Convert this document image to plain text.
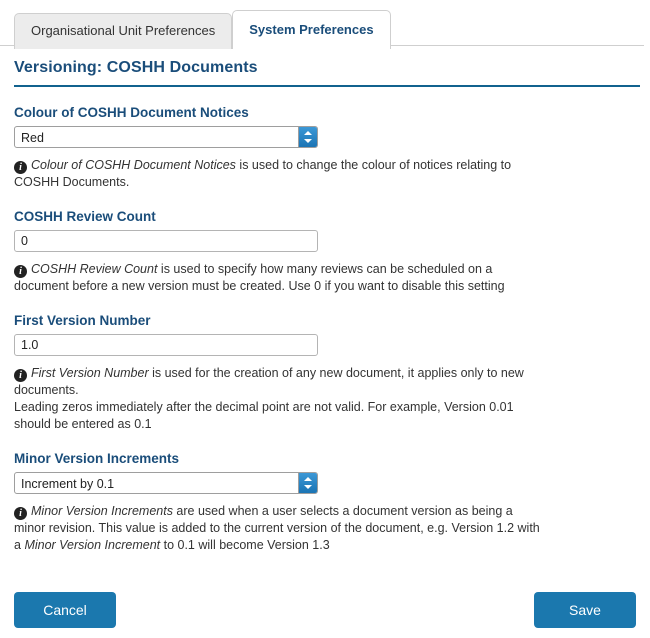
Organisational Unit Preferences	System Preferences
Versioning: COSHH Documents
Colour of COSHH Document Notices
Red
i Colour of COSHH Document Notices is used to change the colour of notices relating to COSHH Documents.
COSHH Review Count
0
i COSHH Review Count is used to specify how many reviews can be scheduled on a document before a new version must be created. Use 0 if you want to disable this setting
First Version Number
1.0
i First Version Number is used for the creation of any new document, it applies only to new documents.
Leading zeros immediately after the decimal point are not valid. For example, Version 0.01 should be entered as 0.1
Minor Version Increments
Increment by 0.1
i Minor Version Increments are used when a user selects a document version as being a minor revision. This value is added to the current version of the document, e.g. Version 1.2 with a Minor Version Increment to 0.1 will become Version 1.3
Cancel	Save
